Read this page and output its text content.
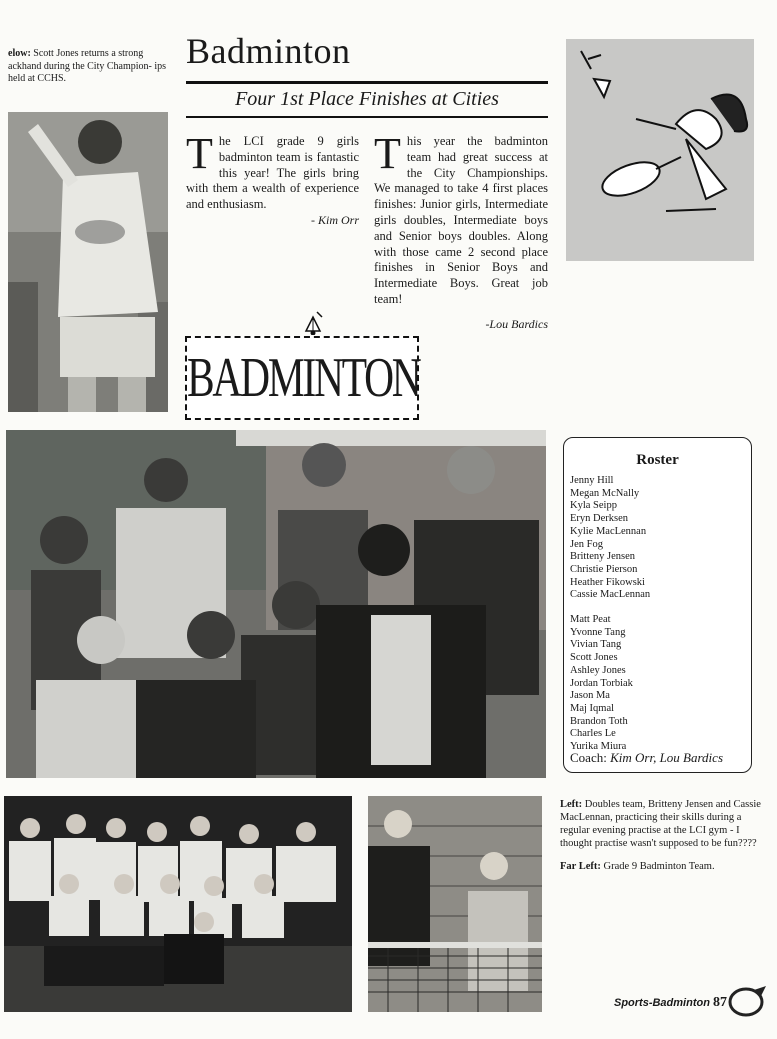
elow: Scott Jones returns a strong ackhand during the City Champion- ips held at CCHS.
Badminton
Four 1st Place Finishes at Cities
T he LCI grade 9 girls badminton team is fantastic this year! The girls bring with them a wealth of experience and enthusiasm.
- Kim Orr
T his year the badminton team had great success at the City Championships. We managed to take 4 first places finishes: Junior girls, Intermediate girls doubles, Intermediate boys and Senior boys doubles. Along with those came 2 second place finishes in Senior Boys and Intermediate Boys. Great job team!
-Lou Bardics
BADMINTON
Roster
Jenny Hill
Megan McNally
Kyla Seipp
Eryn Derksen
Kylie MacLennan
Jen Fog
Britteny Jensen
Christie Pierson
Heather Fikowski
Cassie MacLennan
Matt Peat
Yvonne Tang
Vivian Tang
Scott Jones
Ashley Jones
Jordan Torbiak
Jason Ma
Maj Iqmal
Brandon Toth
Charles Le
Yurika Miura
Coach: Kim Orr, Lou Bardics

Left: Doubles team, Britteny Jensen and Cassie MacLennan, practicing their skills during a regular evening practise at the LCI gym - I thought practise wasn't supposed to be fun????

Far Left: Grade 9 Badminton Team.

Sports-Badminton 87
